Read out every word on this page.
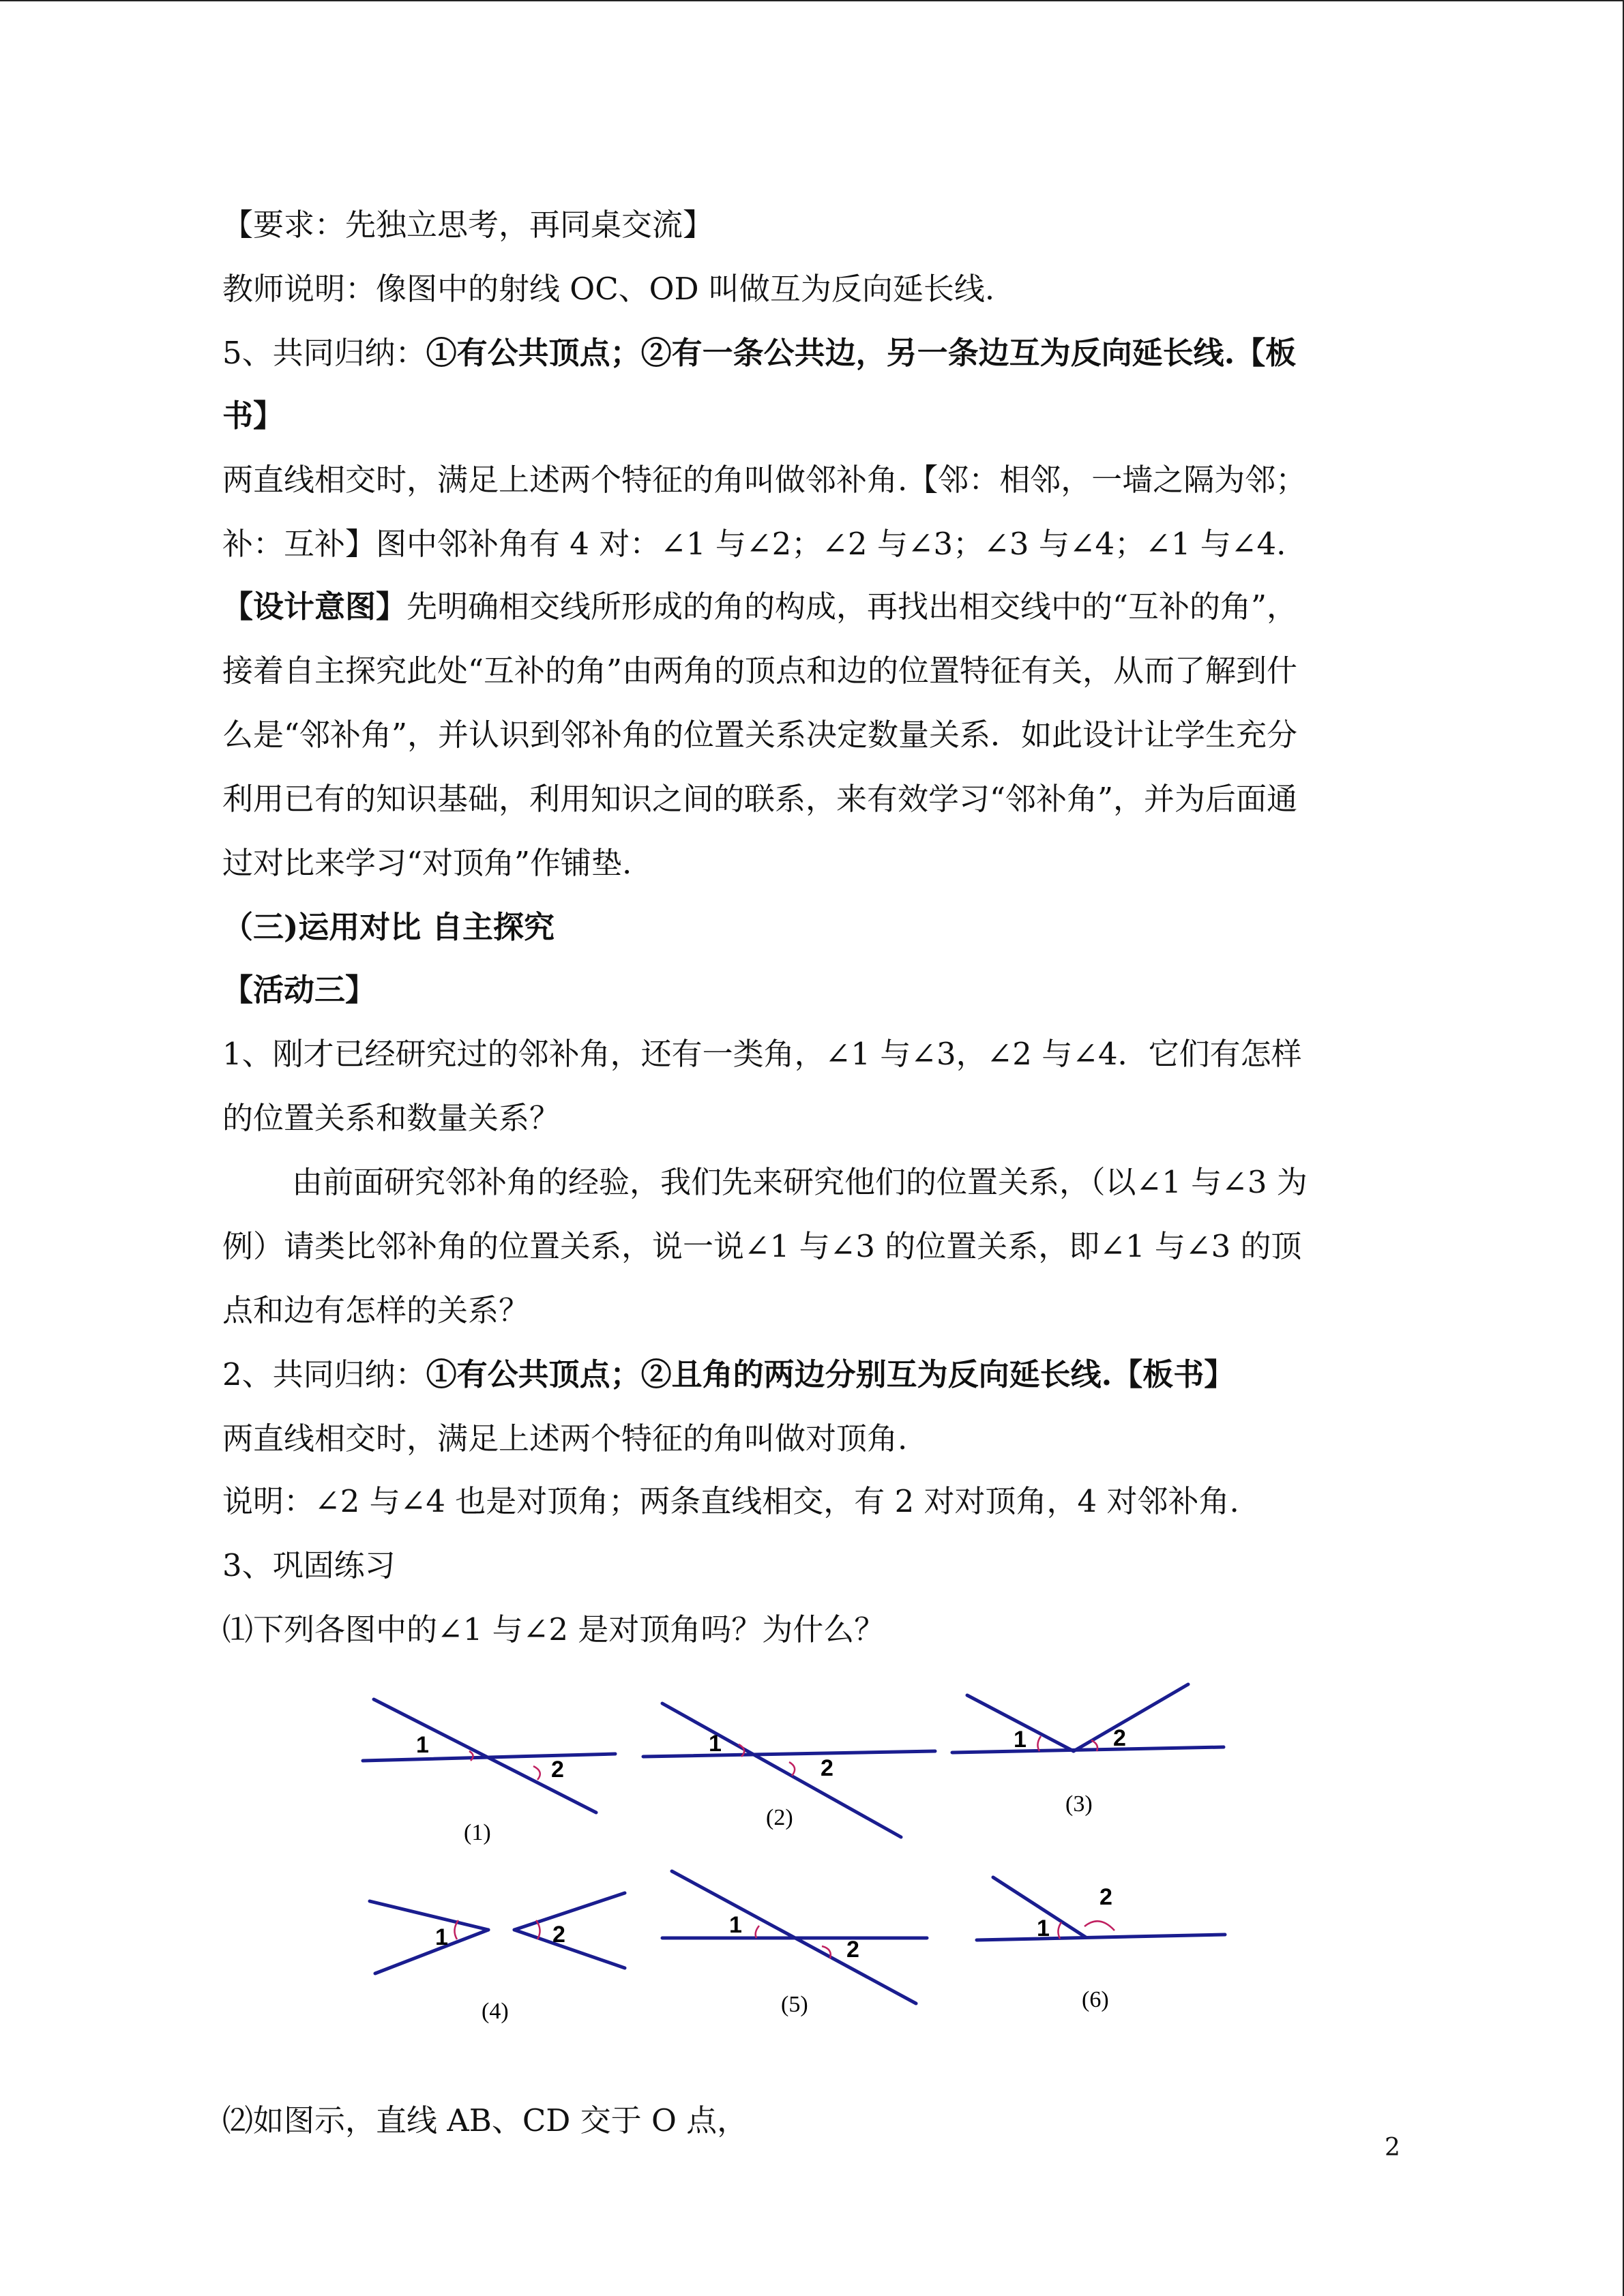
【要求：先独立思考，再同桌交流】
教师说明：像图中的射线 OC、OD 叫做互为反向延长线.
5、共同归纳：①有公共顶点；②有一条公共边，另一条边互为反向延长线.【板
书】
两直线相交时，满足上述两个特征的角叫做邻补角.【邻：相邻，一墙之隔为邻；
补：互补】图中邻补角有 4 对：∠1 与∠2；∠2 与∠3；∠3 与∠4；∠1 与∠4.
【设计意图】先明确相交线所形成的角的构成，再找出相交线中的“互补的角”，
接着自主探究此处“互补的角”由两角的顶点和边的位置特征有关，从而了解到什
么是“邻补角”，并认识到邻补角的位置关系决定数量关系．如此设计让学生充分
利用已有的知识基础，利用知识之间的联系，来有效学习“邻补角”，并为后面通
过对比来学习“对顶角”作铺垫.
（三)运用对比 自主探究
【活动三】
1、刚才已经研究过的邻补角，还有一类角，∠1 与∠3，∠2 与∠4．它们有怎样
的位置关系和数量关系？
由前面研究邻补角的经验，我们先来研究他们的位置关系，（以∠1 与∠3 为
例）请类比邻补角的位置关系，说一说∠1 与∠3 的位置关系，即∠1 与∠3 的顶
点和边有怎样的关系？
2、共同归纳：①有公共顶点；②且角的两边分别互为反向延长线.【板书】
两直线相交时，满足上述两个特征的角叫做对顶角.
说明：∠2 与∠4 也是对顶角；两条直线相交，有 2 对对顶角，4 对邻补角.
3、巩固练习
⑴下列各图中的∠1 与∠2 是对顶角吗？为什么？
⑵如图示，直线 AB、CD 交于 O 点，
1
2
(1)
1
2
(2)
1	2
(3)
1	2
(4)
1
2
(5)
1
2
(6)
2
